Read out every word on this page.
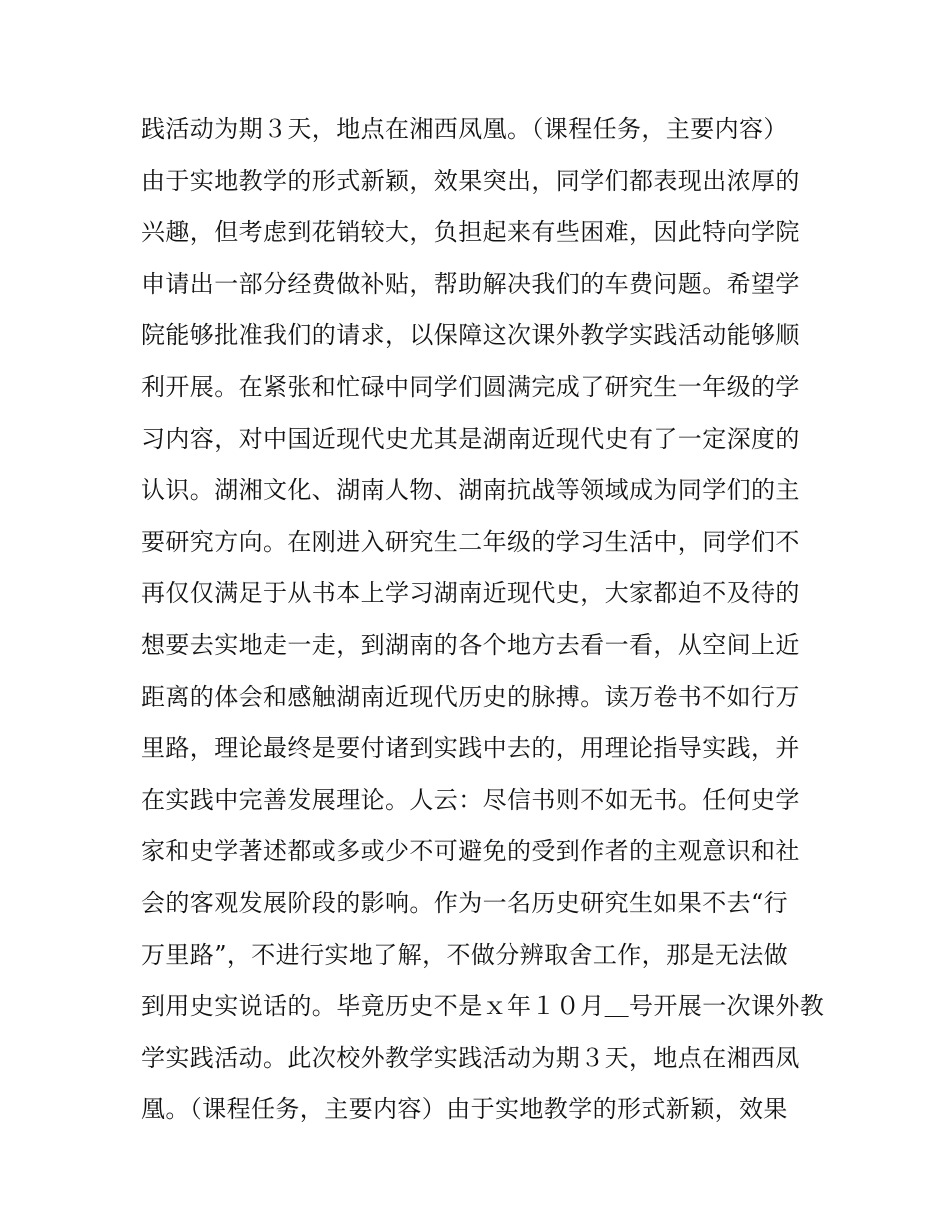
践活动为期３天，地点在湘西凤凰。（课程任务，主要内容）
由于实地教学的形式新颖，效果突出，同学们都表现出浓厚的
兴趣，但考虑到花销较大，负担起来有些困难，因此特向学院
申请出一部分经费做补贴，帮助解决我们的车费问题。希望学
院能够批准我们的请求，以保障这次课外教学实践活动能够顺
利开展。在紧张和忙碌中同学们圆满完成了研究生一年级的学
习内容，对中国近现代史尤其是湖南近现代史有了一定深度的
认识。湖湘文化、湖南人物、湖南抗战等领域成为同学们的主
要研究方向。在刚进入研究生二年级的学习生活中，同学们不
再仅仅满足于从书本上学习湖南近现代史，大家都迫不及待的
想要去实地走一走，到湖南的各个地方去看一看，从空间上近
距离的体会和感触湖南近现代历史的脉搏。读万卷书不如行万
里路，理论最终是要付诸到实践中去的，用理论指导实践，并
在实践中完善发展理论。人云：尽信书则不如无书。任何史学
家和史学著述都或多或少不可避免的受到作者的主观意识和社
会的客观发展阶段的影响。作为一名历史研究生如果不去“行
万里路”，不进行实地了解，不做分辨取舍工作，那是无法做
到用史实说话的。毕竟历史不是ｘ年１０月＿号开展一次课外教
学实践活动。此次校外教学实践活动为期３天，地点在湘西凤
凰。（课程任务，主要内容）由于实地教学的形式新颖，效果
